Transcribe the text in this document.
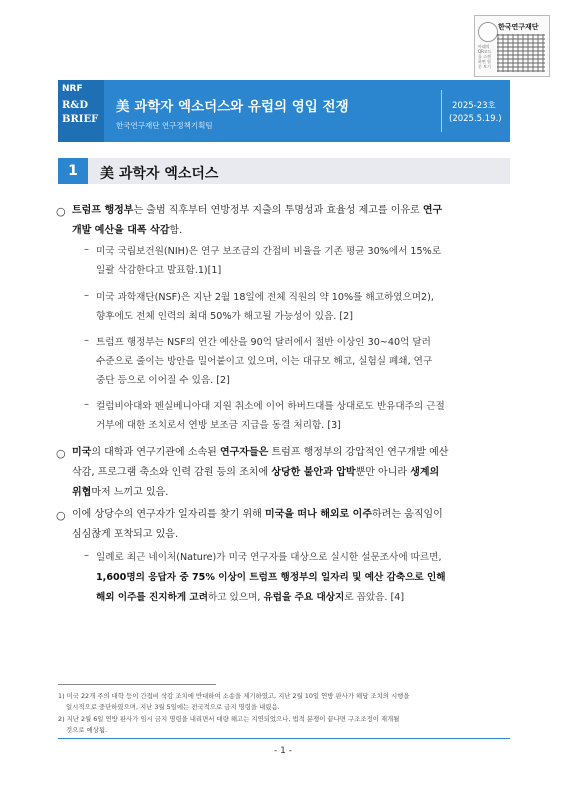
한국연구재단
아래의 QR코드를 스캔하면 원문 보기
NRF
R&D
BRIEF
美 과학자 엑소더스와 유럽의 영입 전쟁
한국연구재단 연구정책기획팀
2025-23호
(2025.5.19.)
1	美 과학자 엑소더스
○ 트럼프 행정부는 출범 직후부터 연방정부 지출의 투명성과 효율성 제고를 이유로 연구
개발 예산을 대폭 삭감함.
– 미국 국립보건원(NIH)은 연구 보조금의 간접비 비율을 기존 평균 30%에서 15%로
일괄 삭감한다고 발표함.1)[1]
– 미국 과학재단(NSF)은 지난 2월 18일에 전체 직원의 약 10%를 해고하였으며2),
향후에도 전체 인력의 최대 50%가 해고될 가능성이 있음. [2]
– 트럼프 행정부는 NSF의 연간 예산을 90억 달러에서 절반 이상인 30~40억 달러
수준으로 줄이는 방안을 밀어붙이고 있으며, 이는 대규모 해고, 실험실 폐쇄, 연구
중단 등으로 이어질 수 있음. [2]
– 컬럼비아대와 펜실베니아대 지원 취소에 이어 하버드대를 상대로도 반유대주의 근절
거부에 대한 조치로서 연방 보조금 지급을 동결 처리함. [3]
○ 미국의 대학과 연구기관에 소속된 연구자들은 트럼프 행정부의 강압적인 연구개발 예산
삭감, 프로그램 축소와 인력 감원 등의 조치에 상당한 불안과 압박뿐만 아니라 생계의
위협마저 느끼고 있음.
○ 이에 상당수의 연구자가 일자리를 찾기 위해 미국을 떠나 해외로 이주하려는 움직임이
심심찮게 포착되고 있음.
– 일례로 최근 네이처(Nature)가 미국 연구자를 대상으로 실시한 설문조사에 따르면,
1,600명의 응답자 중 75% 이상이 트럼프 행정부의 일자리 및 예산 감축으로 인해
해외 이주를 진지하게 고려하고 있으며, 유럽을 주요 대상지로 꼽았음. [4]
1) 미국 22개 주의 대학 등이 간접비 삭감 조치에 반대하여 소송을 제기하였고, 지난 2월 10일 연방 판사가 해당 조치의 시행을
일시적으로 중단하였으며, 지난 3월 5일에는 전국적으로 금지 명령을 내렸음.
2) 지난 2월 6일 연방 판사가 임시 금지 명령을 내리면서 대량 해고는 지연되었으나, 법적 분쟁이 끝나면 구조조정이 재개될
것으로 예상됨.
- 1 -
